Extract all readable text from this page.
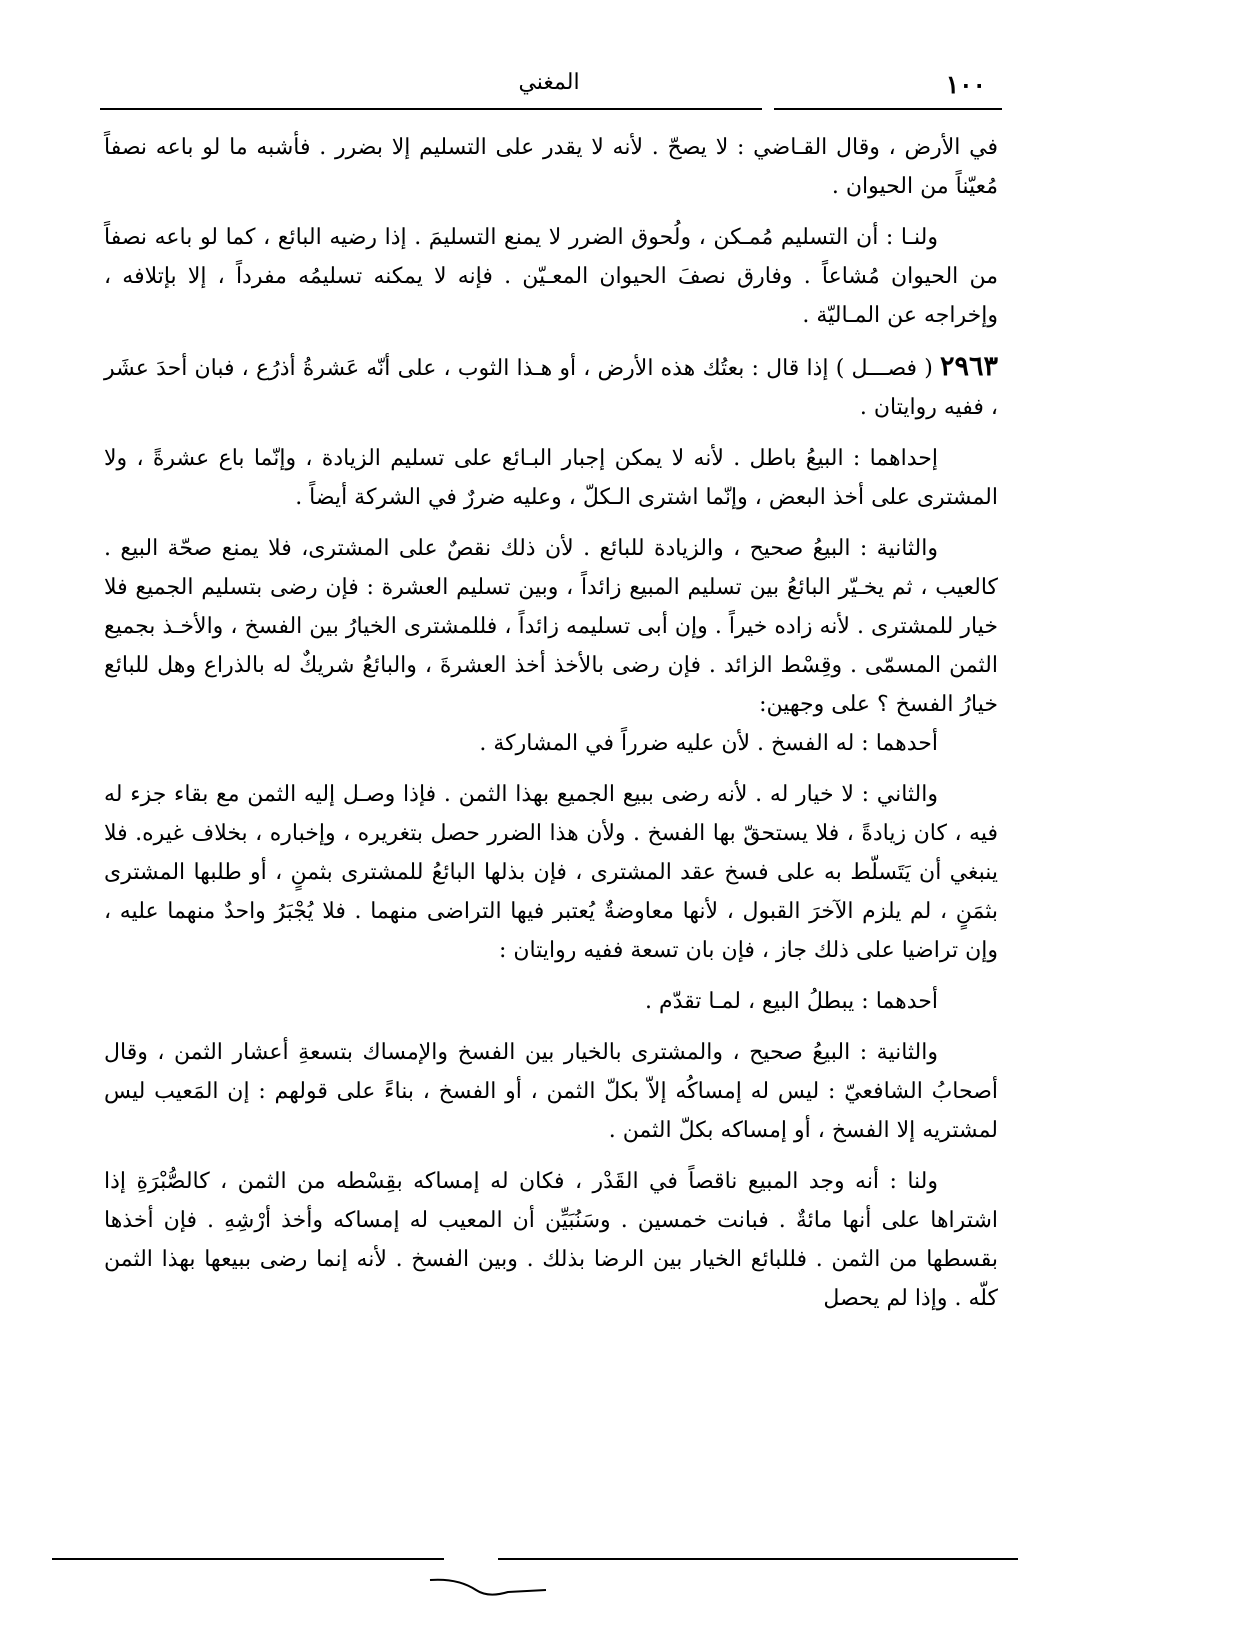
١٠٠
المغني

في الأرض ، وقال القـاضي : لا يصحّ . لأنه لا يقدر على التسليم إلا بضرر . فأشبه ما لو باعه نصفاً مُعيّناً من الحيوان .

ولنـا : أن التسليم مُمـكن ، ولُحوق الضرر لا يمنع التسليمَ . إذا رضيه البائع ، كما لو باعه نصفاً من الحيوان مُشاعاً . وفارق نصفَ الحيوان المعـيّن . فإنه لا يمكنه تسليمُه مفرداً ، إلا بإتلافه ، وإخراجه عن المـاليّة .

٢٩٦٣ ( فصـــل ) إذا قال : بعتُك هذه الأرض ، أو هـذا الثوب ، على أنّه عَشرةُ أذرُع ، فبان أحدَ عشَر ، ففيه روايتان .

إحداهما : البيعُ باطل . لأنه لا يمكن إجبار البـائع على تسليم الزيادة ، وإنّما باع عشرةً ، ولا المشترى على أخذ البعض ، وإنّما اشترى الـكلّ ، وعليه ضررٌ في الشركة أيضاً .

والثانية : البيعُ صحيح ، والزيادة للبائع . لأن ذلك نقصٌ على المشترى، فلا يمنع صحّة البيع . كالعيب ، ثم يخـيّر البائعُ بين تسليم المبيع زائداً ، وبين تسليم العشرة : فإن رضى بتسليم الجميع فلا خيار للمشترى . لأنه زاده خيراً . وإن أبى تسليمه زائداً ، فللمشترى الخيارُ بين الفسخ ، والأخـذ بجميع الثمن المسمّى . وقِسْط الزائد . فإن رضى بالأخذ أخذ العشرةَ ، والبائعُ شريكٌ له بالذراع وهل للبائع خيارُ الفسخ ؟ على وجهين:

أحدهما : له الفسخ . لأن عليه ضرراً في المشاركة .

والثاني : لا خيار له . لأنه رضى ببيع الجميع بهذا الثمن . فإذا وصـل إليه الثمن مع بقاء جزء له فيه ، كان زيادةً ، فلا يستحقّ بها الفسخ . ولأن هذا الضرر حصل بتغريره ، وإخباره ، بخلاف غيره. فلا ينبغي أن يَتَسلّط به على فسخ عقد المشترى ، فإن بذلها البائعُ للمشترى بثمنٍ ، أو طلبها المشترى بثمَنٍ ، لم يلزم الآخرَ القبول ، لأنها معاوضةٌ يُعتبر فيها التراضى منهما . فلا يُجْبَرُ واحدٌ منهما عليه ، وإن تراضيا على ذلك جاز ، فإن بان تسعة ففيه روايتان :

أحدهما : يبطلُ البيع ، لمـا تقدّم .

والثانية : البيعُ صحيح ، والمشترى بالخيار بين الفسخ والإمساك بتسعةِ أعشار الثمن ، وقال أصحابُ الشافعيّ : ليس له إمساكُه إلاّ بكلّ الثمن ، أو الفسخ ، بناءً على قولهم : إن المَعيب ليس لمشتريه إلا الفسخ ، أو إمساكه بكلّ الثمن .

ولنا : أنه وجد المبيع ناقصاً في القَدْر ، فكان له إمساكه بقِسْطه من الثمن ، كالصُّبْرَةِ إذا اشتراها على أنها مائةٌ . فبانت خمسين . وسَنُبَيِّن أن المعيب له إمساكه وأخذ أرْشِهِ . فإن أخذها بقسطها من الثمن . فللبائع الخيار بين الرضا بذلك . وبين الفسخ . لأنه إنما رضى ببيعها بهذا الثمن كلّه . وإذا لم يحصل
